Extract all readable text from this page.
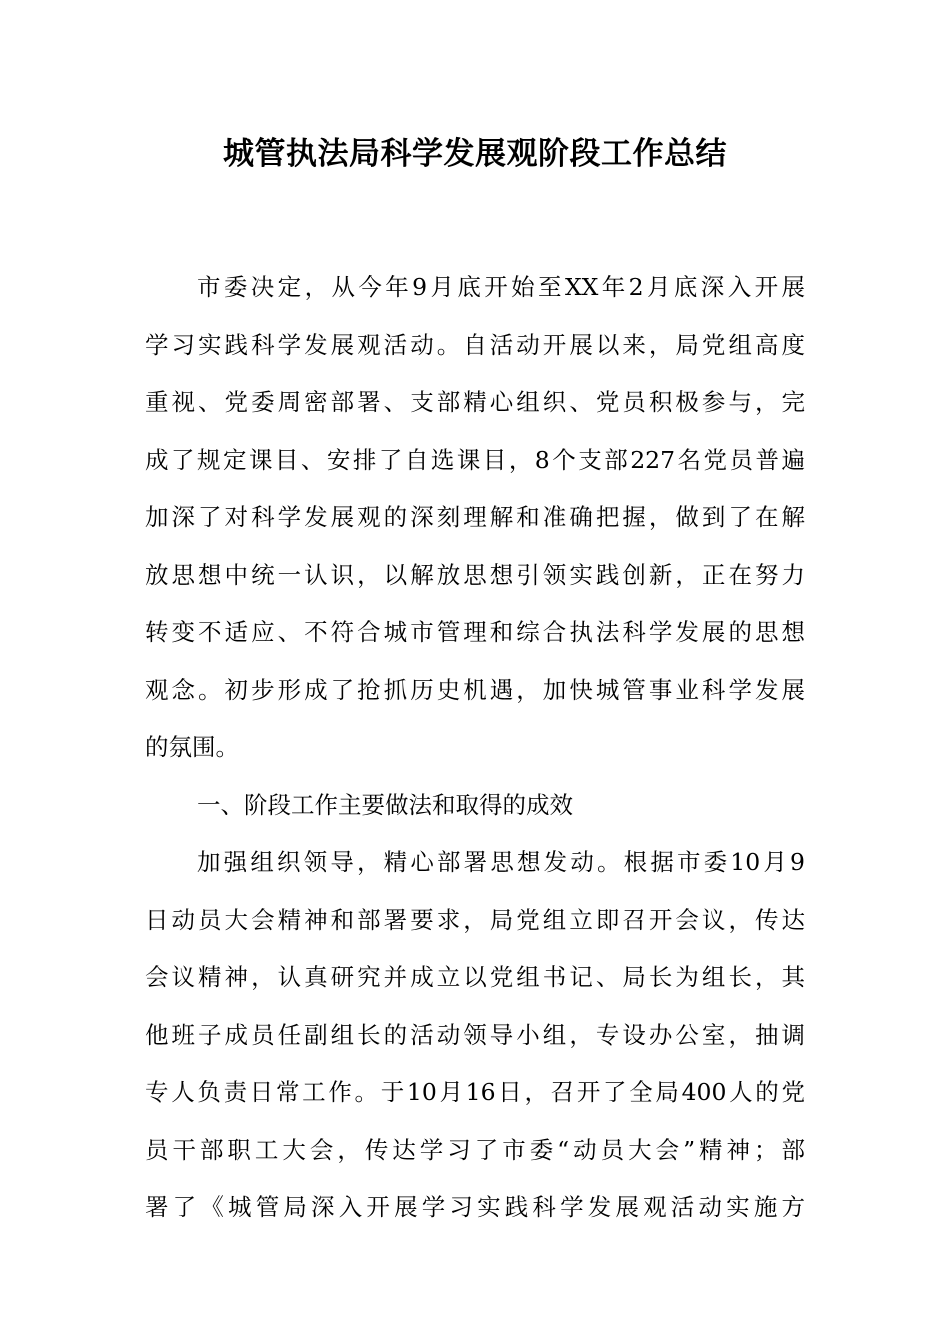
城管执法局科学发展观阶段工作总结
市委决定，从今年9月底开始至XX年2月底深入开展
学习实践科学发展观活动。自活动开展以来，局党组高度
重视、党委周密部署、支部精心组织、党员积极参与，完
成了规定课目、安排了自选课目，8个支部227名党员普遍
加深了对科学发展观的深刻理解和准确把握，做到了在解
放思想中统一认识，以解放思想引领实践创新，正在努力
转变不适应、不符合城市管理和综合执法科学发展的思想
观念。初步形成了抢抓历史机遇，加快城管事业科学发展
的氛围。
一、阶段工作主要做法和取得的成效
加强组织领导，精心部署思想发动。根据市委10月9
日动员大会精神和部署要求，局党组立即召开会议，传达
会议精神，认真研究并成立以党组书记、局长为组长，其
他班子成员任副组长的活动领导小组，专设办公室，抽调
专人负责日常工作。于10月16日，召开了全局400人的党
员干部职工大会，传达学习了市委“动员大会”精神；部
署了《城管局深入开展学习实践科学发展观活动实施方
